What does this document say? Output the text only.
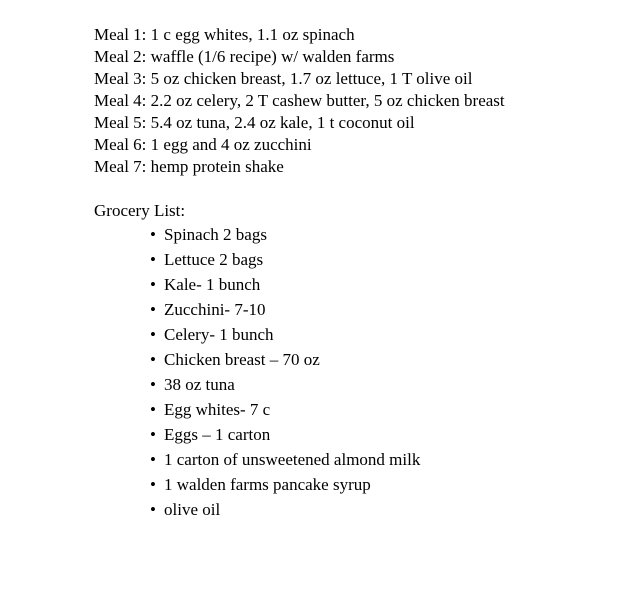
Meal 1: 1 c egg whites, 1.1 oz spinach

Meal 2: waffle (1/6 recipe) w/ walden farms

Meal 3: 5 oz chicken breast, 1.7 oz lettuce, 1 T olive oil

Meal 4: 2.2 oz celery, 2 T cashew butter, 5 oz chicken breast

Meal 5: 5.4 oz tuna, 2.4 oz kale, 1 t coconut oil

Meal 6: 1 egg and 4 oz zucchini

Meal 7: hemp protein shake

Grocery List:
• Spinach 2 bags
• Lettuce 2 bags
• Kale- 1 bunch
• Zucchini- 7-10
• Celery- 1 bunch
• Chicken breast – 70 oz
• 38 oz tuna
• Egg whites- 7 c
• Eggs – 1 carton
• 1 carton of unsweetened almond milk
• 1 walden farms pancake syrup
• olive oil
